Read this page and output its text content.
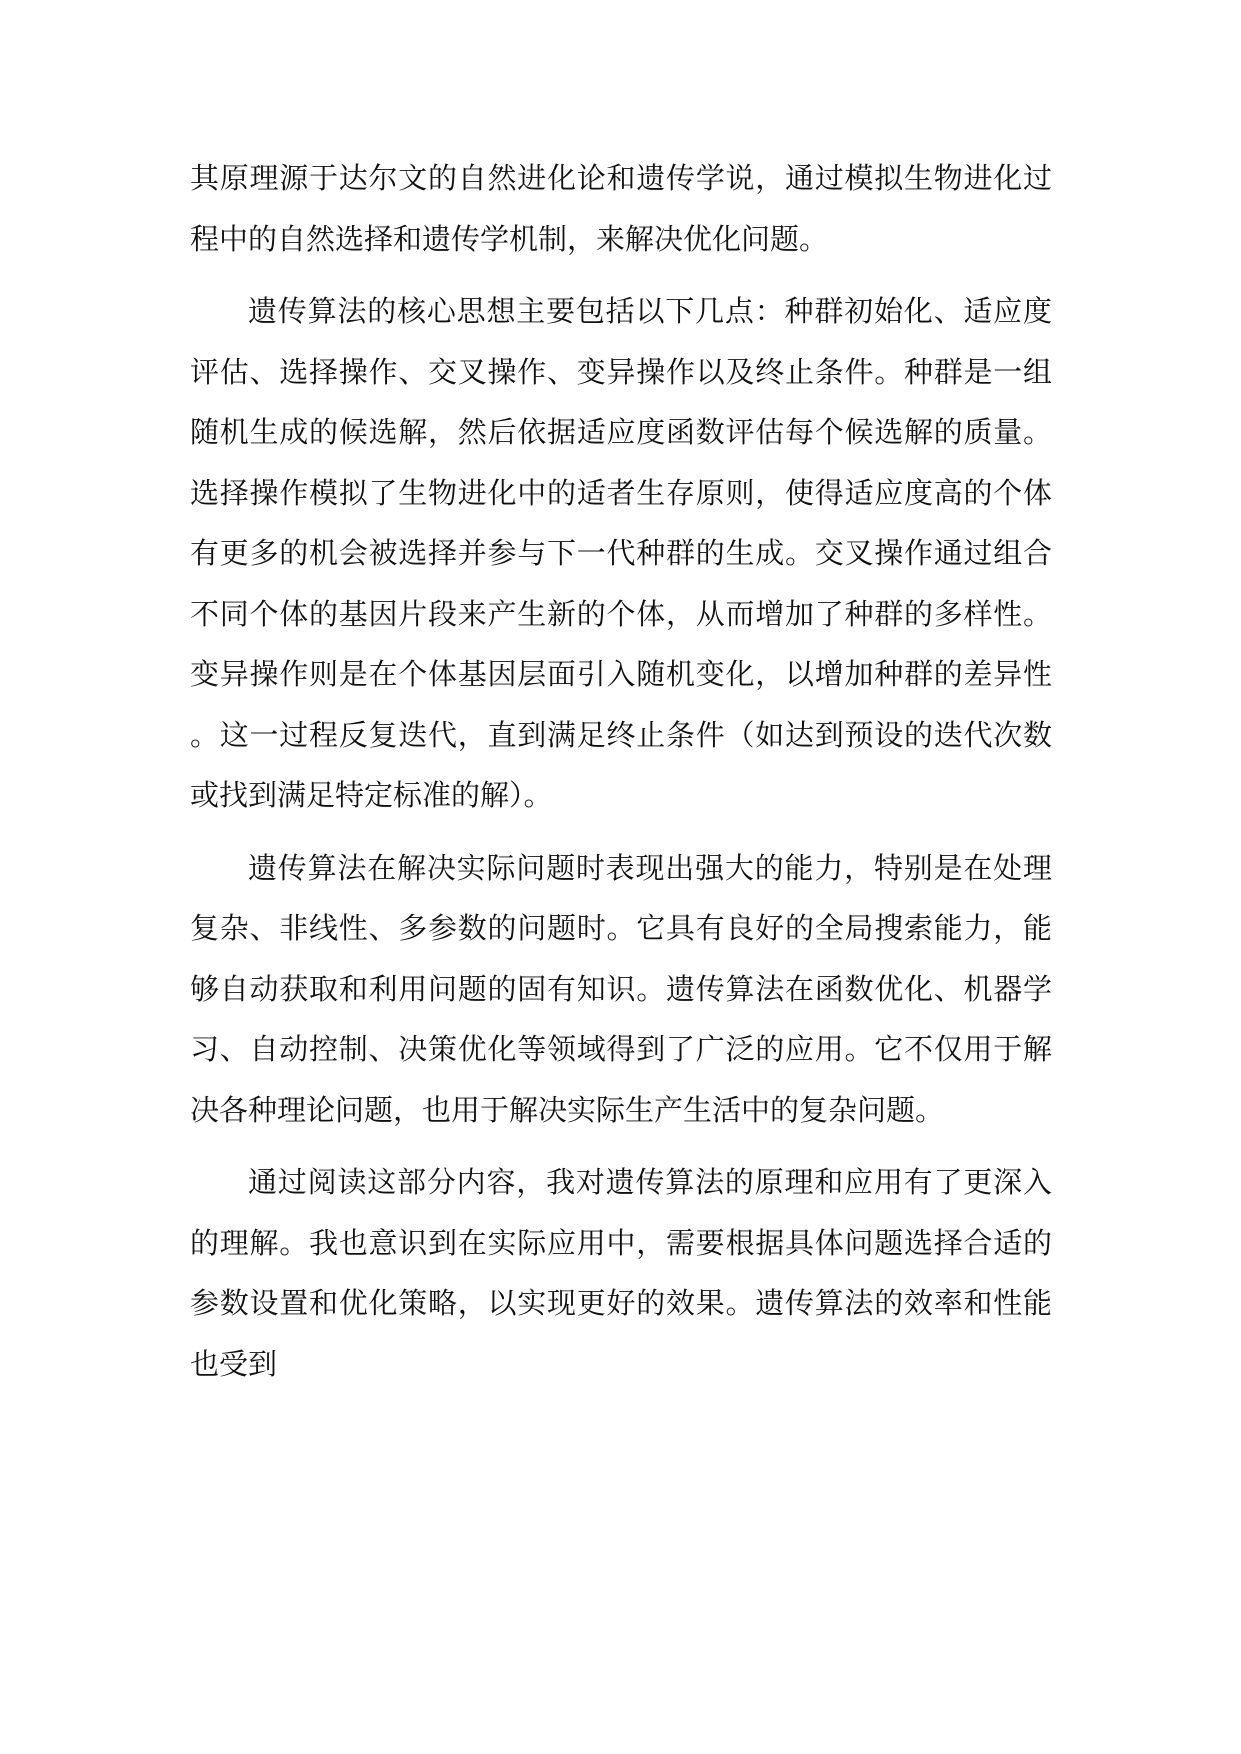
其原理源于达尔文的自然进化论和遗传学说，通过模拟生物进化过程中的自然选择和遗传学机制，来解决优化问题。

遗传算法的核心思想主要包括以下几点：种群初始化、适应度评估、选择操作、交叉操作、变异操作以及终止条件。种群是一组随机生成的候选解，然后依据适应度函数评估每个候选解的质量。选择操作模拟了生物进化中的适者生存原则，使得适应度高的个体有更多的机会被选择并参与下一代种群的生成。交叉操作通过组合不同个体的基因片段来产生新的个体，从而增加了种群的多样性。变异操作则是在个体基因层面引入随机变化，以增加种群的差异性。这一过程反复迭代，直到满足终止条件（如达到预设的迭代次数或找到满足特定标准的解）。

遗传算法在解决实际问题时表现出强大的能力，特别是在处理复杂、非线性、多参数的问题时。它具有良好的全局搜索能力，能够自动获取和利用问题的固有知识。遗传算法在函数优化、机器学习、自动控制、决策优化等领域得到了广泛的应用。它不仅用于解决各种理论问题，也用于解决实际生产生活中的复杂问题。

通过阅读这部分内容，我对遗传算法的原理和应用有了更深入的理解。我也意识到在实际应用中，需要根据具体问题选择合适的参数设置和优化策略，以实现更好的效果。遗传算法的效率和性能也受到
